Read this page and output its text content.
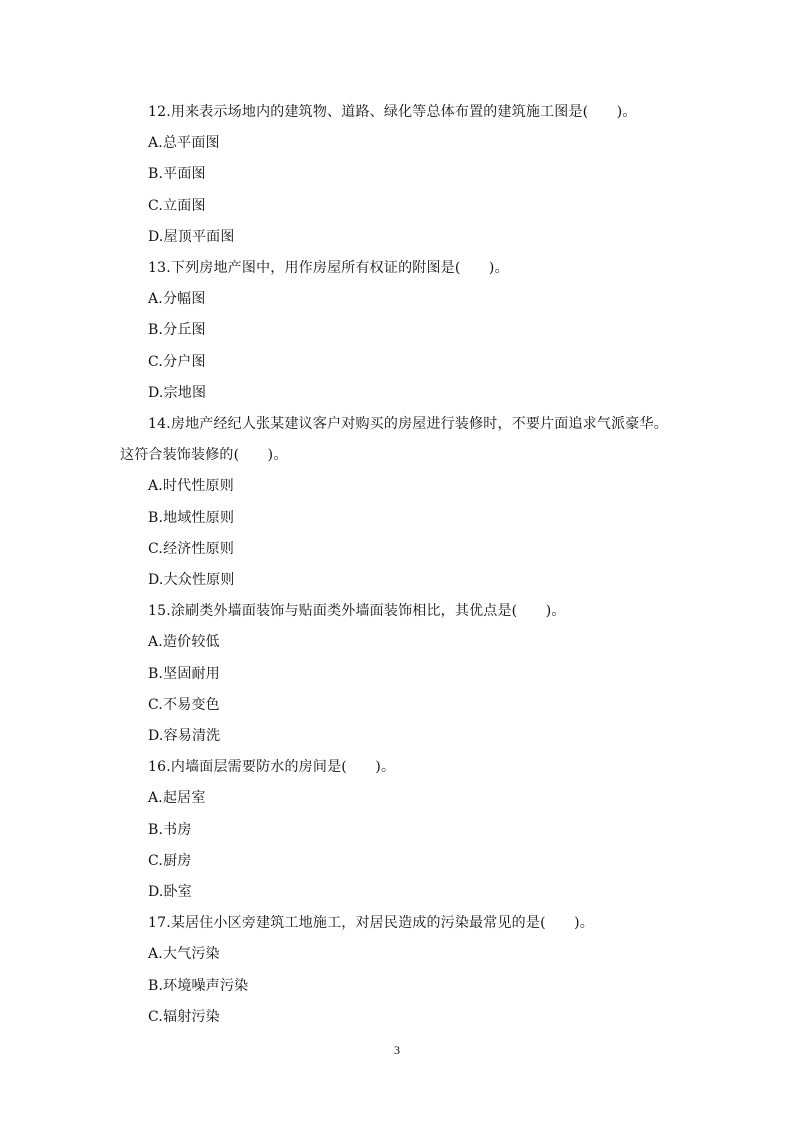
12.用来表示场地内的建筑物、道路、绿化等总体布置的建筑施工图是(　　)。
A.总平面图
B.平面图
C.立面图
D.屋顶平面图
13.下列房地产图中，用作房屋所有权证的附图是(　　)。
A.分幅图
B.分丘图
C.分户图
D.宗地图
14.房地产经纪人张某建议客户对购买的房屋进行装修时，不要片面追求气派豪华。这符合装饰装修的(　　)。
A.时代性原则
B.地域性原则
C.经济性原则
D.大众性原则
15.涂刷类外墙面装饰与贴面类外墙面装饰相比，其优点是(　　)。
A.造价较低
B.坚固耐用
C.不易变色
D.容易清洗
16.内墙面层需要防水的房间是(　　)。
A.起居室
B.书房
C.厨房
D.卧室
17.某居住小区旁建筑工地施工，对居民造成的污染最常见的是(　　)。
A.大气污染
B.环境噪声污染
C.辐射污染
3
